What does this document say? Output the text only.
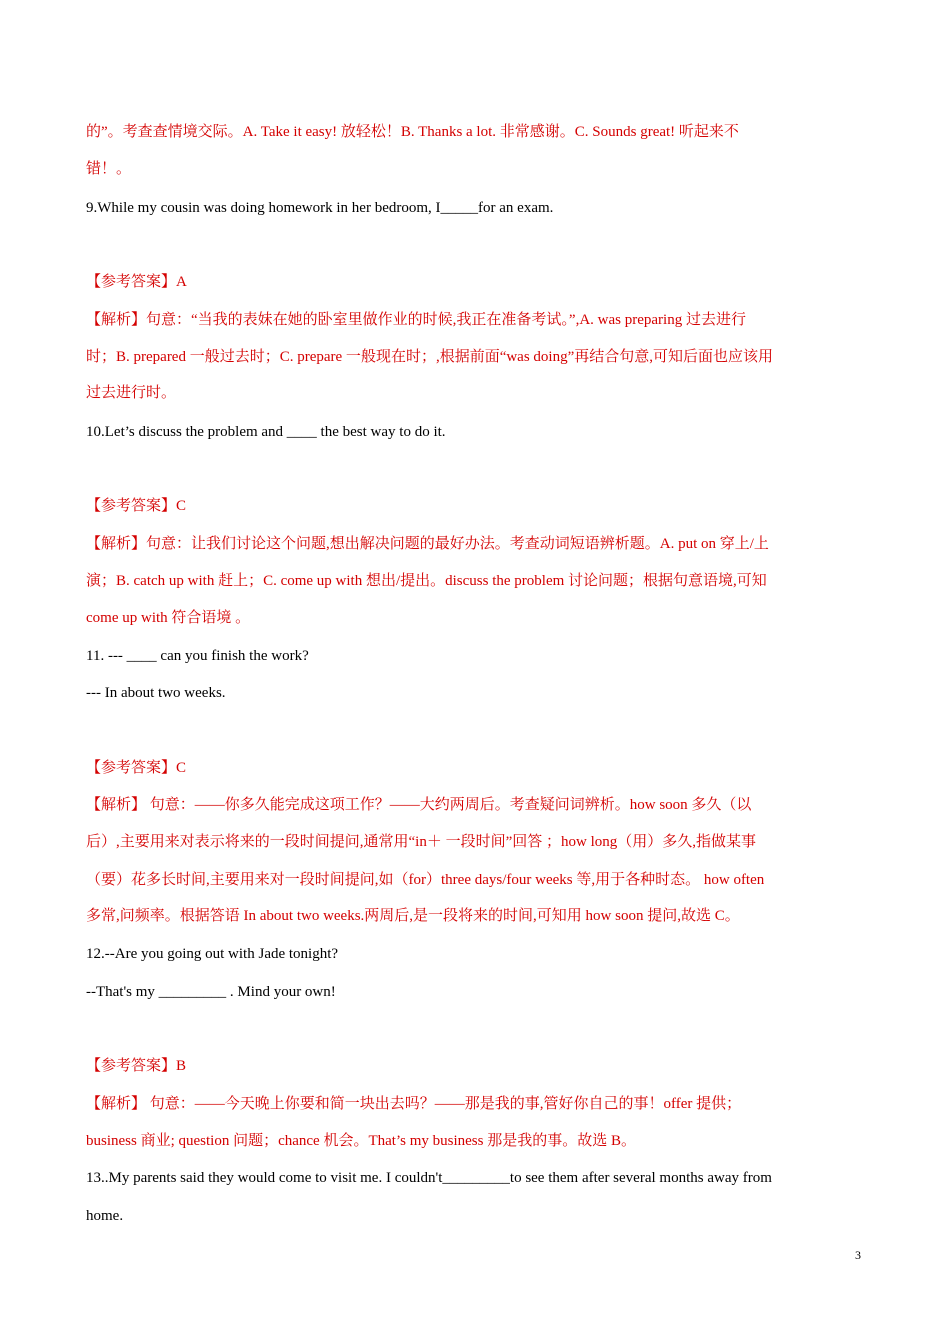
的”。考查查情境交际。A. Take it easy! 放轻松！B. Thanks a lot. 非常感谢。C. Sounds great! 听起来不
错！。
9.While my cousin was doing homework in her bedroom, I_____for an exam.
【参考答案】A
【解析】句意：“当我的表妹在她的卧室里做作业的时候,我正在准备考试。”,A. was preparing 过去进行
时；B. prepared 一般过去时；C. prepare 一般现在时；,根据前面“was doing”再结合句意,可知后面也应该用
过去进行时。
10.Let’s discuss the problem and ____ the best way to do it.
【参考答案】C
【解析】句意：让我们讨论这个问题,想出解决问题的最好办法。考查动词短语辨析题。A. put on 穿上/上
演；B. catch up with 赶上；C. come up with 想出/提出。discuss the problem 讨论问题；根据句意语境,可知
come up with 符合语境 。
11. --- ____ can you finish the work?
--- In about two weeks.
【参考答案】C
【解析】 句意：——你多久能完成这项工作？——大约两周后。考查疑问词辨析。how soon 多久（以
后）,主要用来对表示将来的一段时间提问,通常用“in＋ 一段时间”回答 ；how long（用）多久,指做某事
（要）花多长时间,主要用来对一段时间提问,如（for）three days/four weeks 等,用于各种时态。 how often
多常,问频率。根据答语 In about two weeks.两周后,是一段将来的时间,可知用 how soon 提问,故选 C。
12.--Are you going out with Jade tonight?
--That's my _________ . Mind your own!
【参考答案】B
【解析】 句意：——今天晚上你要和简一块出去吗？——那是我的事,管好你自己的事！offer 提供；
business 商业; question 问题；chance 机会。That’s my business 那是我的事。故选 B。
13..My parents said they would come to visit me. I couldn't_________to see them after several months away from
home.
3
